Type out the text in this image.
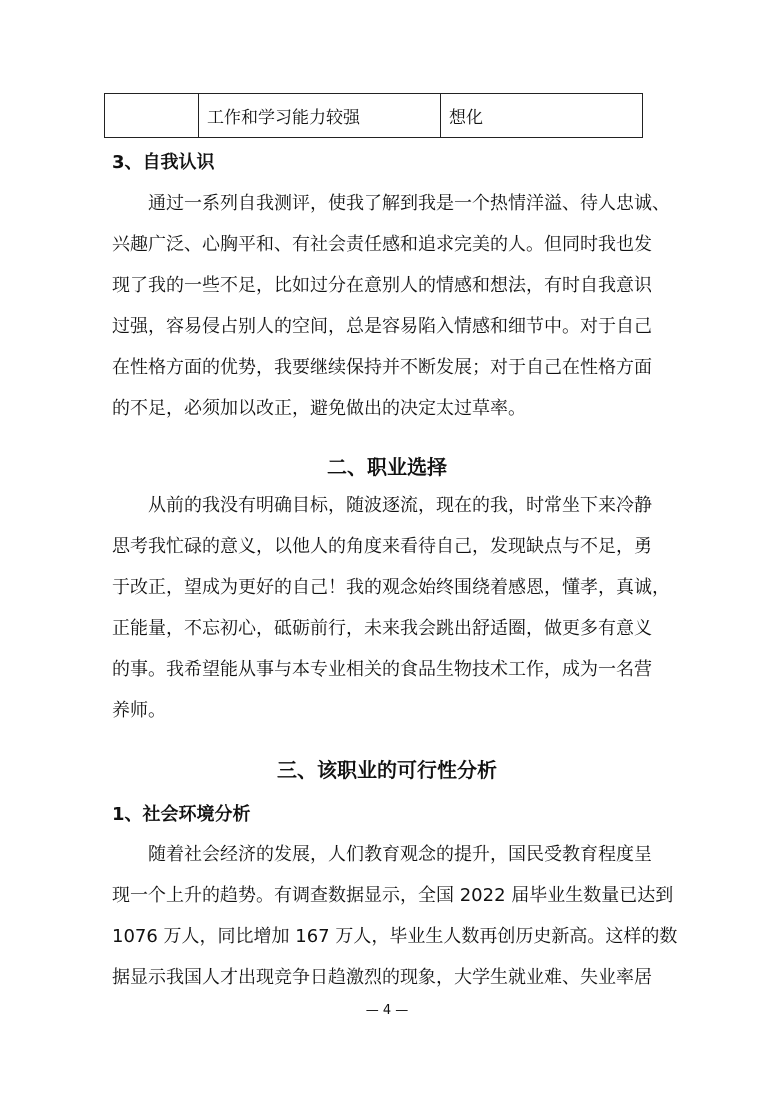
	工作和学习能力较强	想化
3、自我认识
通过一系列自我测评，使我了解到我是一个热情洋溢、待人忠诚、
兴趣广泛、心胸平和、有社会责任感和追求完美的人。但同时我也发
现了我的一些不足，比如过分在意别人的情感和想法，有时自我意识
过强，容易侵占别人的空间，总是容易陷入情感和细节中。对于自己
在性格方面的优势，我要继续保持并不断发展；对于自己在性格方面
的不足，必须加以改正，避免做出的决定太过草率。
二、职业选择
从前的我没有明确目标，随波逐流，现在的我，时常坐下来冷静
思考我忙碌的意义，以他人的角度来看待自己，发现缺点与不足，勇
于改正，望成为更好的自己！我的观念始终围绕着感恩，懂孝，真诚，
正能量，不忘初心，砥砺前行，未来我会跳出舒适圈，做更多有意义
的事。我希望能从事与本专业相关的食品生物技术工作，成为一名营
养师。
三、该职业的可行性分析
1、社会环境分析
随着社会经济的发展，人们教育观念的提升，国民受教育程度呈
现一个上升的趋势。有调查数据显示，全国 2022 届毕业生数量已达到
1076 万人，同比增加 167 万人，毕业生人数再创历史新高。这样的数
据显示我国人才出现竞争日趋激烈的现象，大学生就业难、失业率居
— 4 —
